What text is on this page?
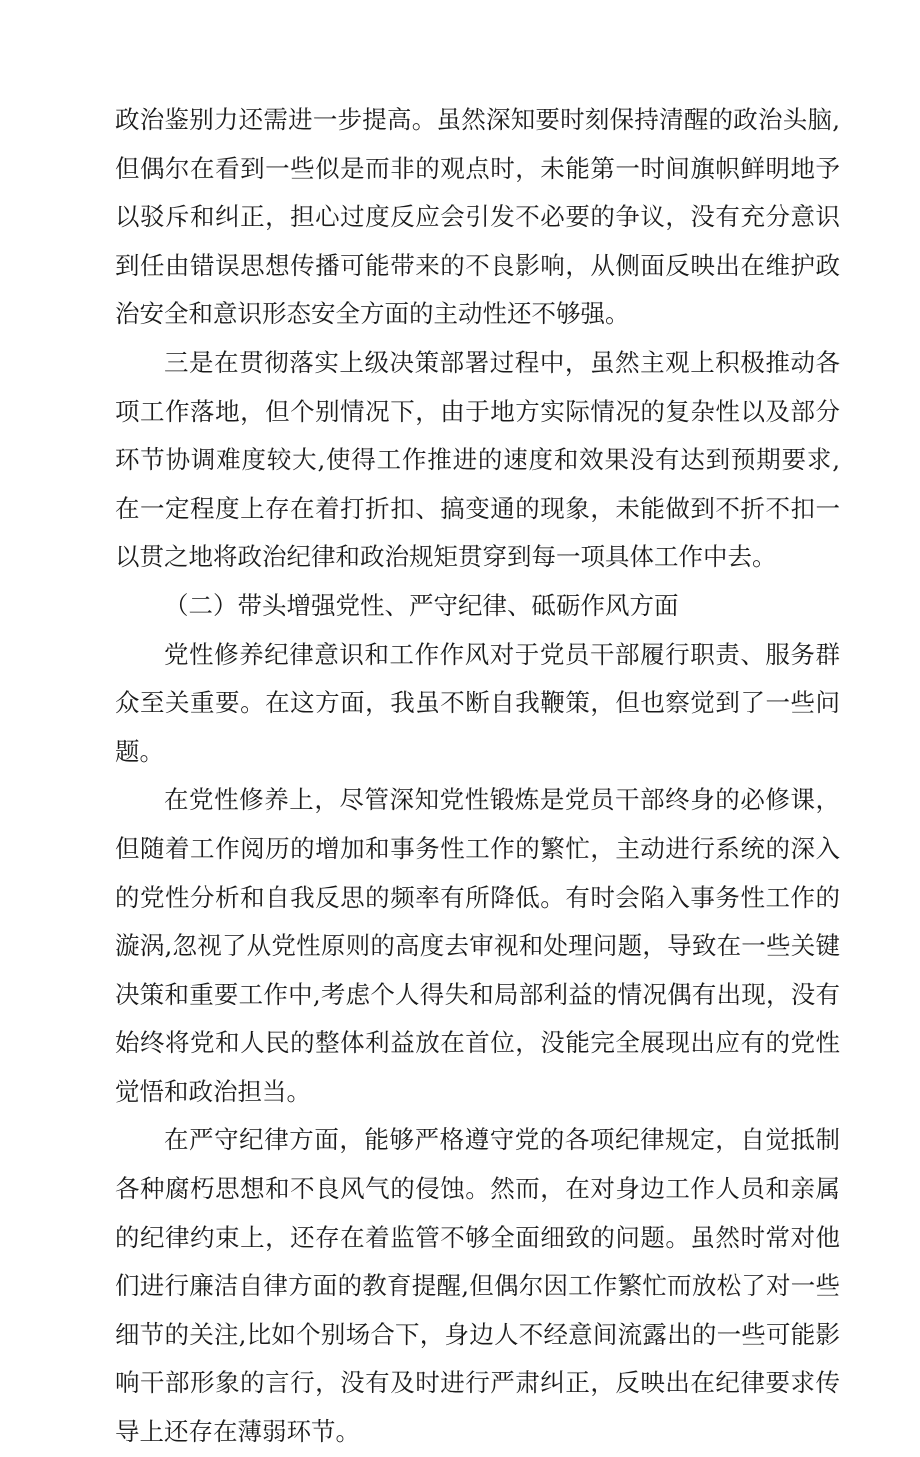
政治鉴别力还需进一步提高。虽然深知要时刻保持清醒的政治头脑,但偶尔在看到一些似是而非的观点时，未能第一时间旗帜鲜明地予以驳斥和纠正，担心过度反应会引发不必要的争议，没有充分意识到任由错误思想传播可能带来的不良影响，从侧面反映出在维护政治安全和意识形态安全方面的主动性还不够强。

三是在贯彻落实上级决策部署过程中，虽然主观上积极推动各项工作落地，但个别情况下，由于地方实际情况的复杂性以及部分环节协调难度较大,使得工作推进的速度和效果没有达到预期要求,在一定程度上存在着打折扣、搞变通的现象，未能做到不折不扣一以贯之地将政治纪律和政治规矩贯穿到每一项具体工作中去。

（二）带头增强党性、严守纪律、砥砺作风方面

党性修养纪律意识和工作作风对于党员干部履行职责、服务群众至关重要。在这方面，我虽不断自我鞭策，但也察觉到了一些问题。

在党性修养上，尽管深知党性锻炼是党员干部终身的必修课，但随着工作阅历的增加和事务性工作的繁忙，主动进行系统的深入的党性分析和自我反思的频率有所降低。有时会陷入事务性工作的漩涡,忽视了从党性原则的高度去审视和处理问题，导致在一些关键决策和重要工作中,考虑个人得失和局部利益的情况偶有出现，没有始终将党和人民的整体利益放在首位，没能完全展现出应有的党性觉悟和政治担当。

在严守纪律方面，能够严格遵守党的各项纪律规定，自觉抵制各种腐朽思想和不良风气的侵蚀。然而，在对身边工作人员和亲属的纪律约束上，还存在着监管不够全面细致的问题。虽然时常对他们进行廉洁自律方面的教育提醒,但偶尔因工作繁忙而放松了对一些细节的关注,比如个别场合下，身边人不经意间流露出的一些可能影响干部形象的言行，没有及时进行严肃纠正，反映出在纪律要求传导上还存在薄弱环节。
